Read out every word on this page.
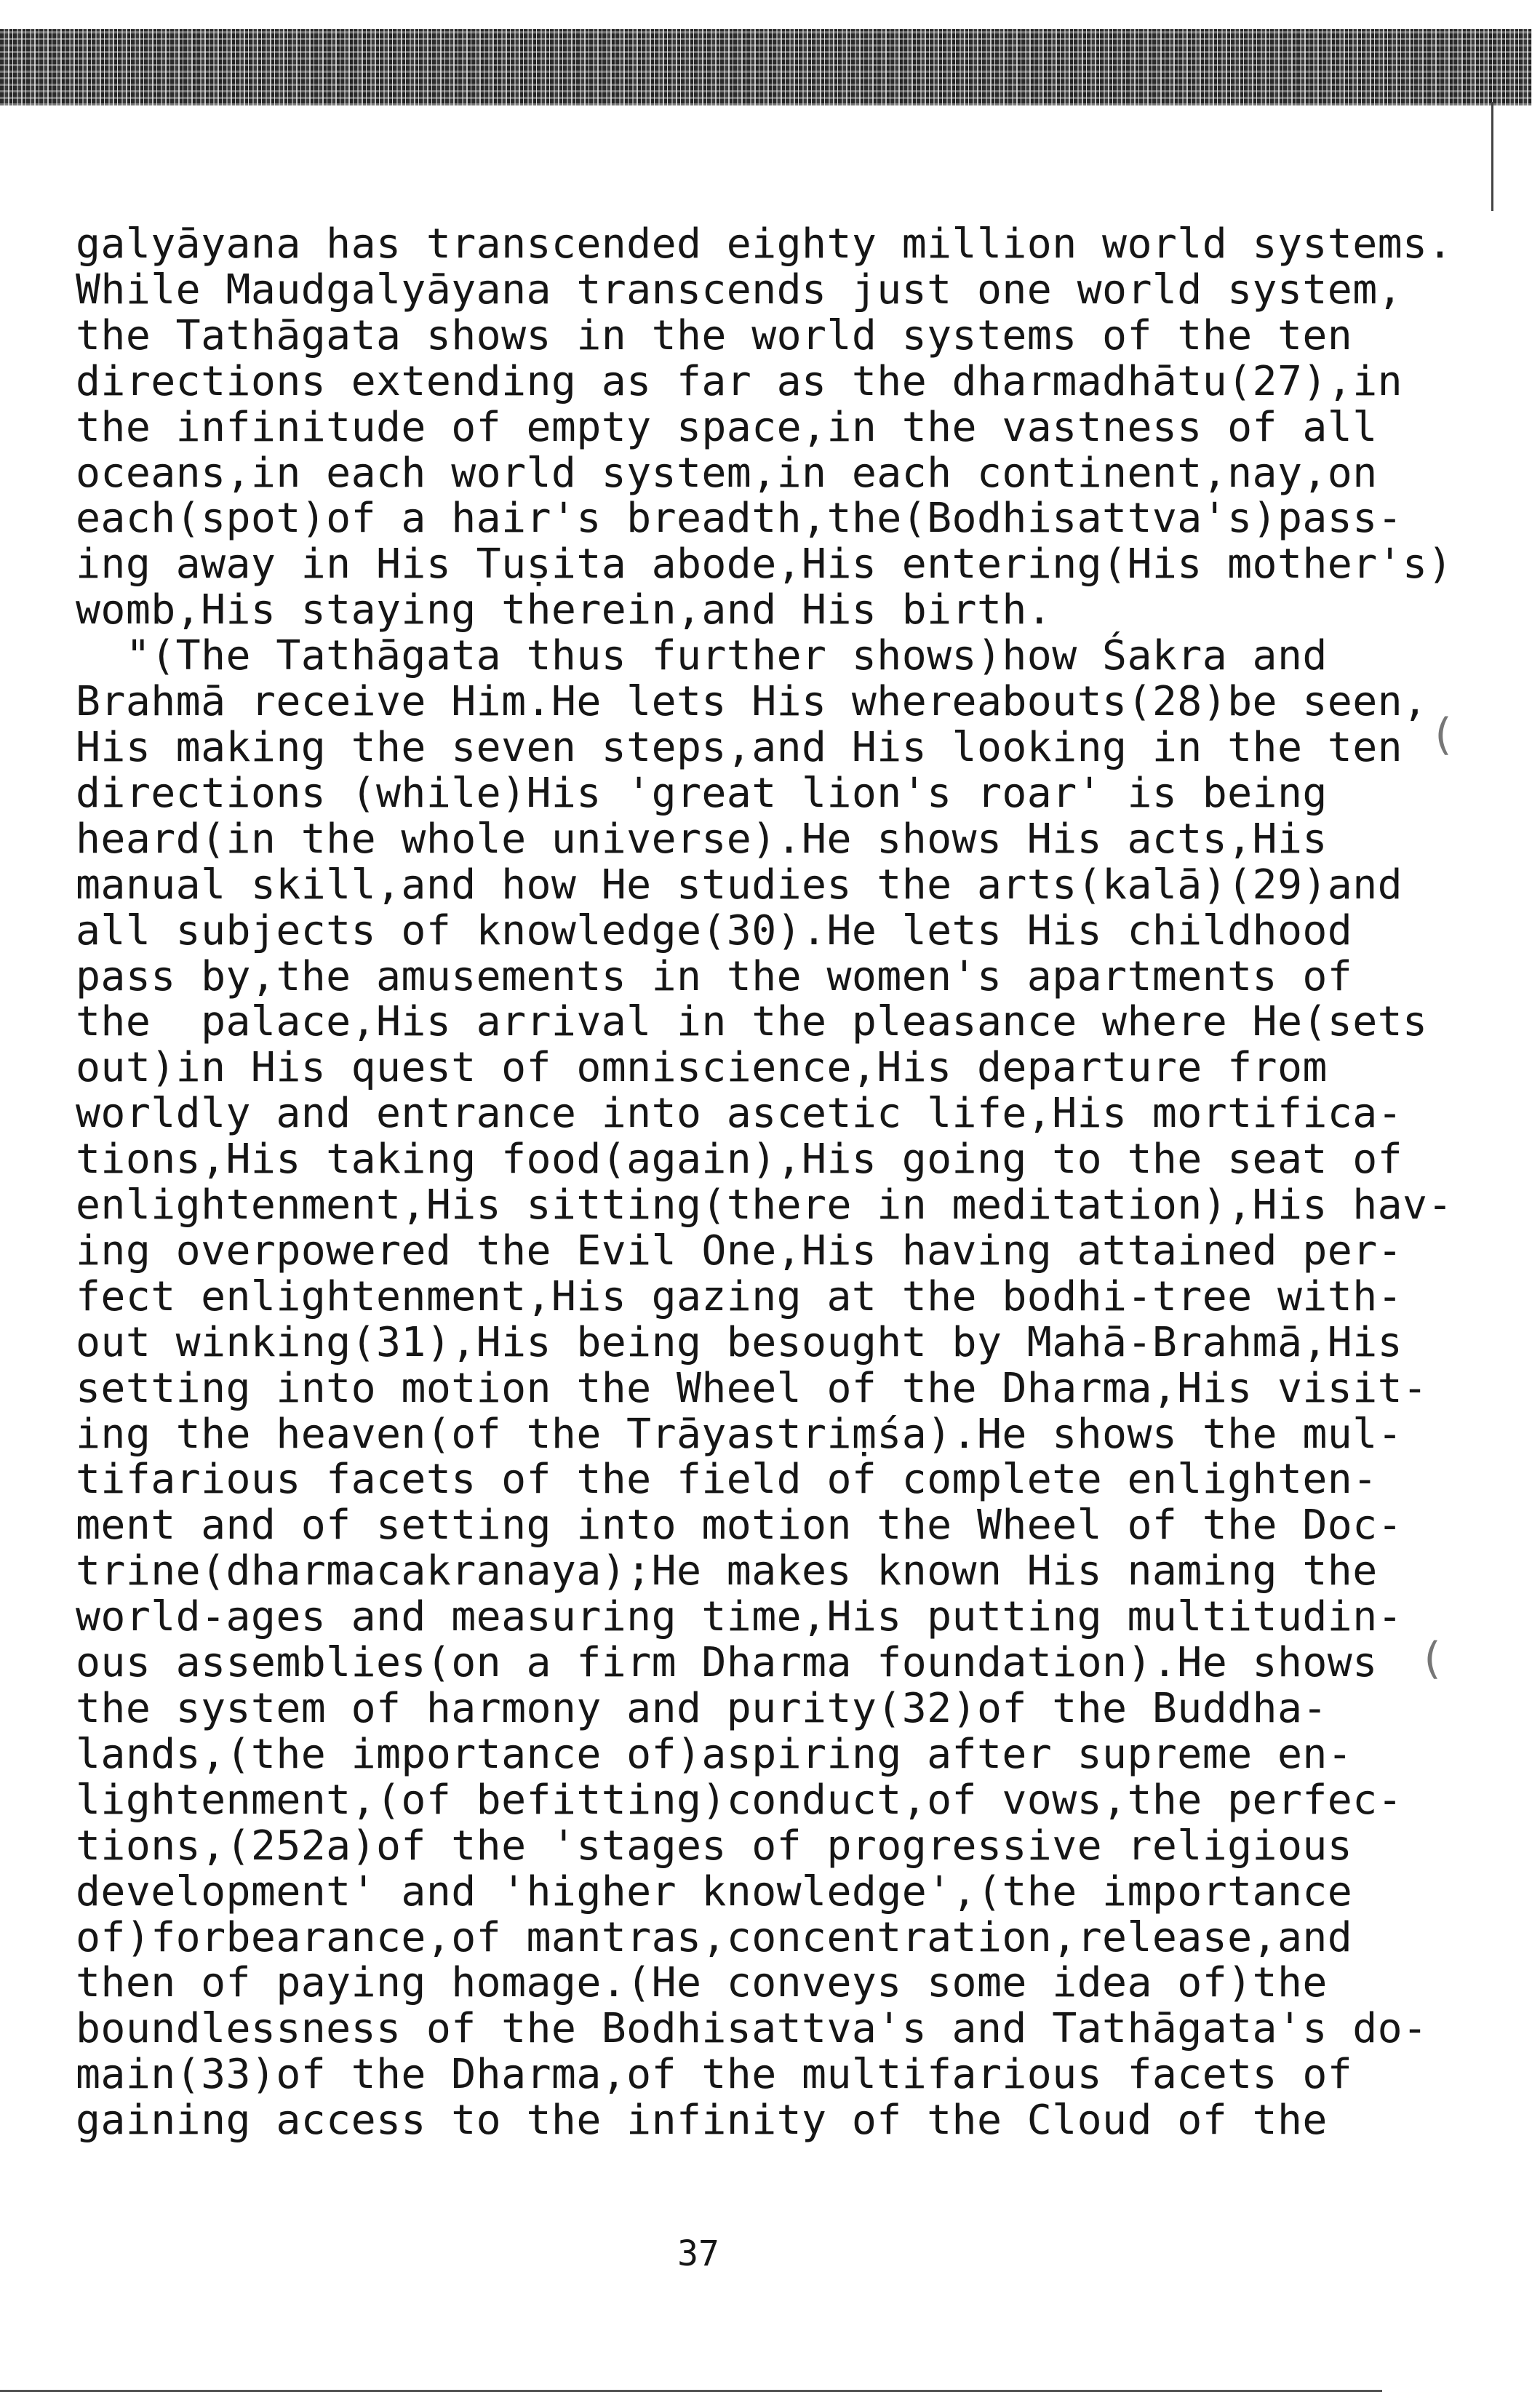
(
(
galyāyana has transcended eighty million world systems.
While Maudgalyāyana transcends just one world system,
the Tathāgata shows in the world systems of the ten
directions extending as far as the dharmadhātu(27),in
the infinitude of empty space,in the vastness of all
oceans,in each world system,in each continent,nay,on
each(spot)of a hair's breadth,the(Bodhisattva's)pass-
ing away in His Tuṣita abode,His entering(His mother's)
womb,His staying therein,and His birth.
"(The Tathāgata thus further shows)how Śakra and
Brahmā receive Him.He lets His whereabouts(28)be seen,
His making the seven steps,and His looking in the ten
directions (while)His 'great lion's roar' is being
heard(in the whole universe).He shows His acts,His
manual skill,and how He studies the arts(kalā)(29)and
all subjects of knowledge(30).He lets His childhood
pass by,the amusements in the women's apartments of
the  palace,His arrival in the pleasance where He(sets
out)in His quest of omniscience,His departure from
worldly and entrance into ascetic life,His mortifica-
tions,His taking food(again),His going to the seat of
enlightenment,His sitting(there in meditation),His hav-
ing overpowered the Evil One,His having attained per-
fect enlightenment,His gazing at the bodhi-tree with-
out winking(31),His being besought by Mahā-Brahmā,His
setting into motion the Wheel of the Dharma,His visit-
ing the heaven(of the Trāyastriṃśa).He shows the mul-
tifarious facets of the field of complete enlighten-
ment and of setting into motion the Wheel of the Doc-
trine(dharmacakranaya);He makes known His naming the
world-ages and measuring time,His putting multitudin-
ous assemblies(on a firm Dharma foundation).He shows
the system of harmony and purity(32)of the Buddha-
lands,(the importance of)aspiring after supreme en-
lightenment,(of befitting)conduct,of vows,the perfec-
tions,(252a)of the 'stages of progressive religious
development' and 'higher knowledge',(the importance
of)forbearance,of mantras,concentration,release,and
then of paying homage.(He conveys some idea of)the
boundlessness of the Bodhisattva's and Tathāgata's do-
main(33)of the Dharma,of the multifarious facets of
gaining access to the infinity of the Cloud of the
37
